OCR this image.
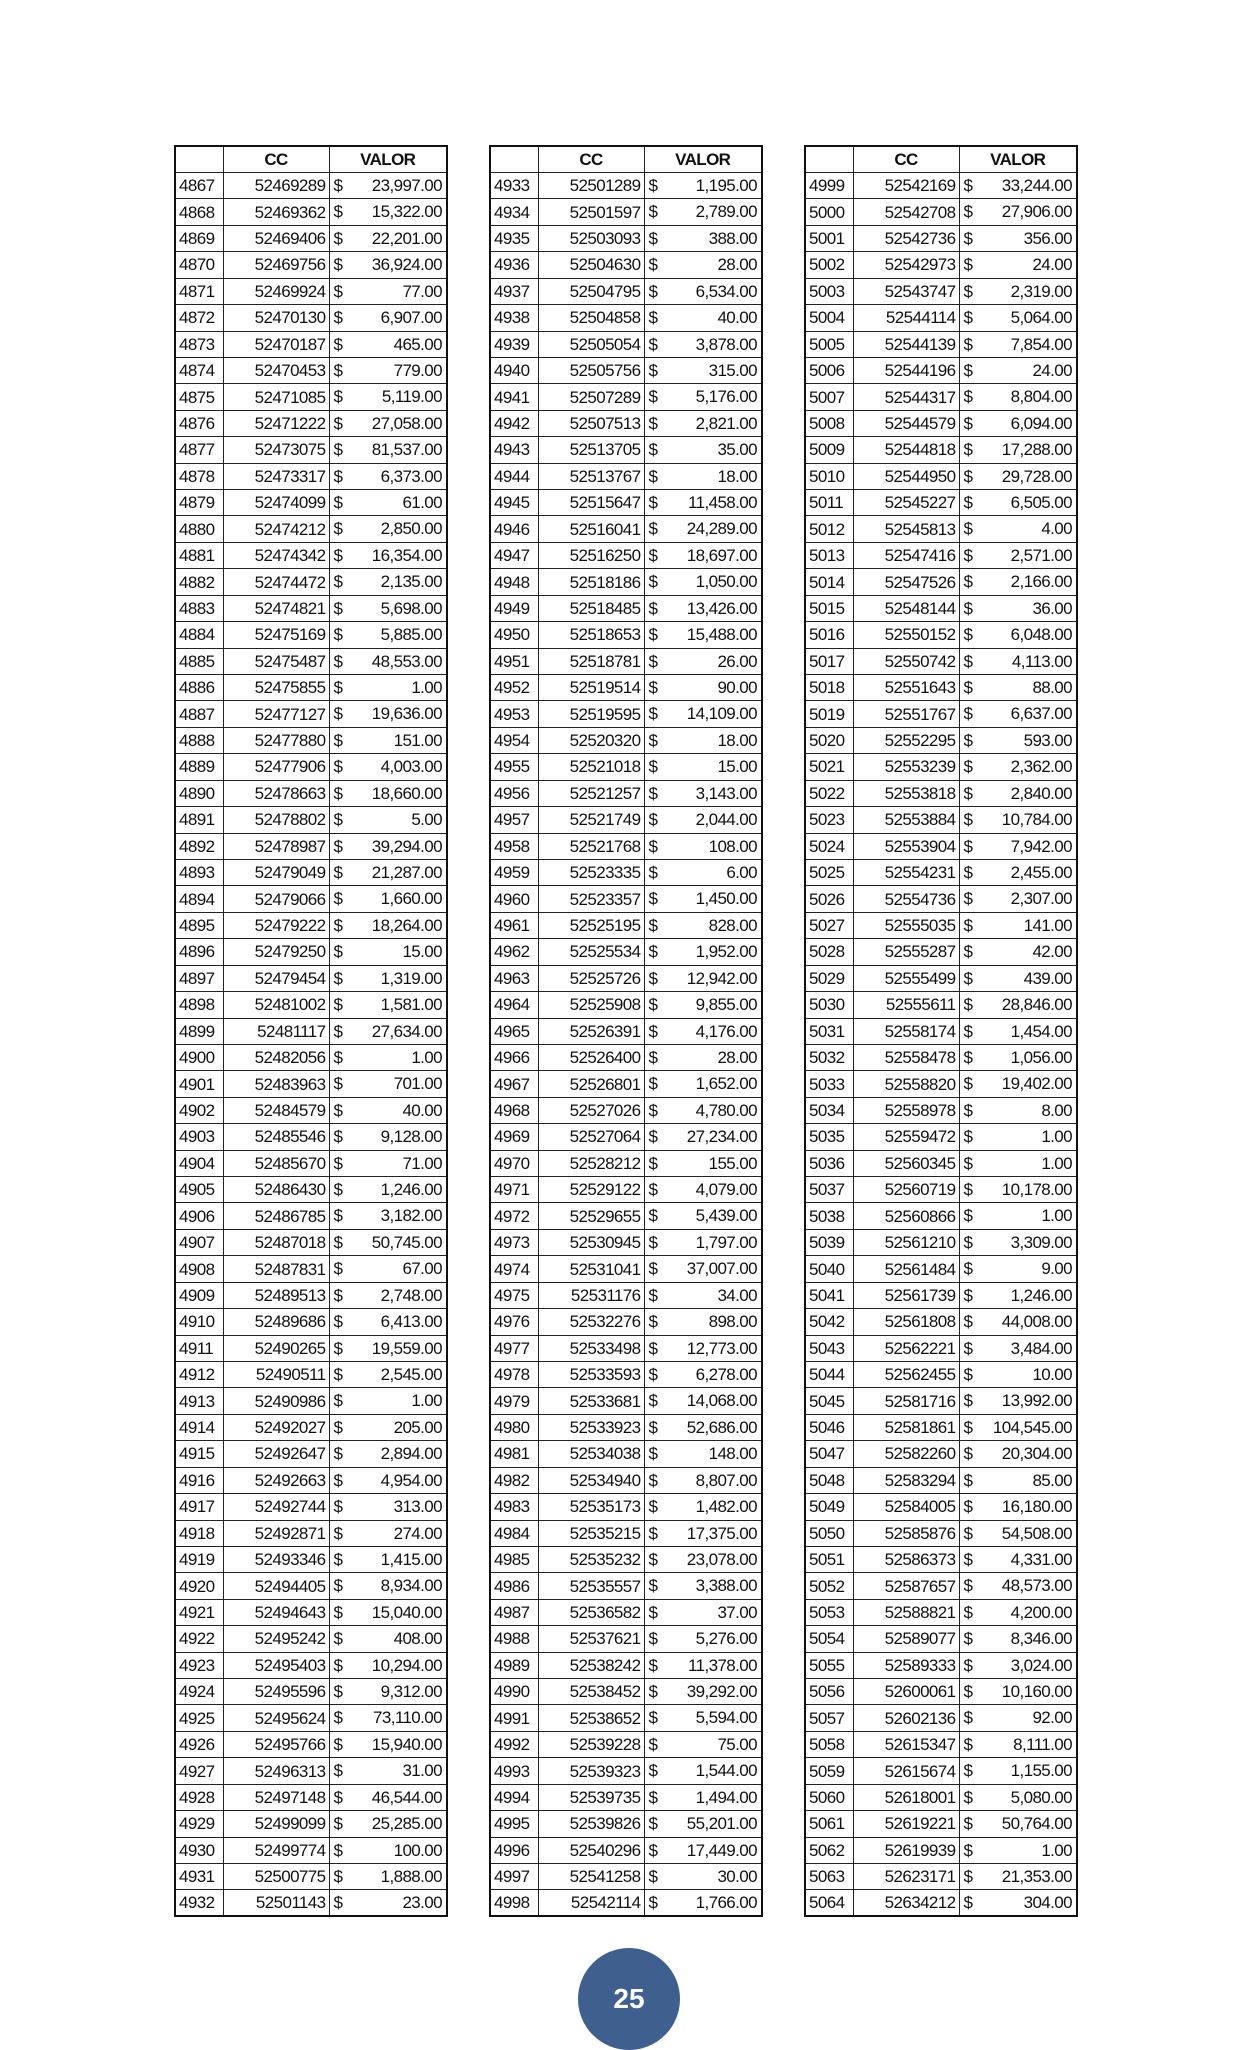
	CC	VALOR	
4867	52469289	$ 23,997.00	

4868	52469362	$ 15,322.00	

4869	52469406	$ 22,201.00	

4870	52469756	$ 36,924.00	

4871	52469924	$ 77.00	

4872	52470130	$ 6,907.00	

4873	52470187	$ 465.00	

4874	52470453	$ 779.00	

4875	52471085	$ 5,119.00	

4876	52471222	$ 27,058.00	

4877	52473075	$ 81,537.00	

4878	52473317	$ 6,373.00	

4879	52474099	$ 61.00	

4880	52474212	$ 2,850.00	

4881	52474342	$ 16,354.00	

4882	52474472	$ 2,135.00	

4883	52474821	$ 5,698.00	

4884	52475169	$ 5,885.00	

4885	52475487	$ 48,553.00	

4886	52475855	$ 1.00	

4887	52477127	$ 19,636.00	

4888	52477880	$ 151.00	

4889	52477906	$ 4,003.00	

4890	52478663	$ 18,660.00	

4891	52478802	$ 5.00	

4892	52478987	$ 39,294.00	

4893	52479049	$ 21,287.00	

4894	52479066	$ 1,660.00	

4895	52479222	$ 18,264.00	

4896	52479250	$ 15.00	

4897	52479454	$ 1,319.00	

4898	52481002	$ 1,581.00	

4899	52481117	$ 27,634.00	

4900	52482056	$ 1.00	

4901	52483963	$ 701.00	

4902	52484579	$ 40.00	

4903	52485546	$ 9,128.00	

4904	52485670	$ 71.00	

4905	52486430	$ 1,246.00	

4906	52486785	$ 3,182.00	

4907	52487018	$ 50,745.00	

4908	52487831	$ 67.00	

4909	52489513	$ 2,748.00	

4910	52489686	$ 6,413.00	

4911	52490265	$ 19,559.00	

4912	52490511	$ 2,545.00	

4913	52490986	$ 1.00	

4914	52492027	$ 205.00	

4915	52492647	$ 2,894.00	

4916	52492663	$ 4,954.00	

4917	52492744	$ 313.00	

4918	52492871	$ 274.00	

4919	52493346	$ 1,415.00	

4920	52494405	$ 8,934.00	

4921	52494643	$ 15,040.00	

4922	52495242	$ 408.00	

4923	52495403	$ 10,294.00	

4924	52495596	$ 9,312.00	

4925	52495624	$ 73,110.00	

4926	52495766	$ 15,940.00	

4927	52496313	$ 31.00	

4928	52497148	$ 46,544.00	

4929	52499099	$ 25,285.00	

4930	52499774	$ 100.00	

4931	52500775	$ 1,888.00	

4932	52501143	$ 23.00	

	CC	VALOR	
4933	52501289	$ 1,195.00	

4934	52501597	$ 2,789.00	

4935	52503093	$ 388.00	

4936	52504630	$ 28.00	

4937	52504795	$ 6,534.00	

4938	52504858	$ 40.00	

4939	52505054	$ 3,878.00	

4940	52505756	$ 315.00	

4941	52507289	$ 5,176.00	

4942	52507513	$ 2,821.00	

4943	52513705	$ 35.00	

4944	52513767	$ 18.00	

4945	52515647	$ 11,458.00	

4946	52516041	$ 24,289.00	

4947	52516250	$ 18,697.00	

4948	52518186	$ 1,050.00	

4949	52518485	$ 13,426.00	

4950	52518653	$ 15,488.00	

4951	52518781	$ 26.00	

4952	52519514	$ 90.00	

4953	52519595	$ 14,109.00	

4954	52520320	$ 18.00	

4955	52521018	$ 15.00	

4956	52521257	$ 3,143.00	

4957	52521749	$ 2,044.00	

4958	52521768	$ 108.00	

4959	52523335	$ 6.00	

4960	52523357	$ 1,450.00	

4961	52525195	$ 828.00	

4962	52525534	$ 1,952.00	

4963	52525726	$ 12,942.00	

4964	52525908	$ 9,855.00	

4965	52526391	$ 4,176.00	

4966	52526400	$ 28.00	

4967	52526801	$ 1,652.00	

4968	52527026	$ 4,780.00	

4969	52527064	$ 27,234.00	

4970	52528212	$ 155.00	

4971	52529122	$ 4,079.00	

4972	52529655	$ 5,439.00	

4973	52530945	$ 1,797.00	

4974	52531041	$ 37,007.00	

4975	52531176	$ 34.00	

4976	52532276	$ 898.00	

4977	52533498	$ 12,773.00	

4978	52533593	$ 6,278.00	

4979	52533681	$ 14,068.00	

4980	52533923	$ 52,686.00	

4981	52534038	$ 148.00	

4982	52534940	$ 8,807.00	

4983	52535173	$ 1,482.00	

4984	52535215	$ 17,375.00	

4985	52535232	$ 23,078.00	

4986	52535557	$ 3,388.00	

4987	52536582	$ 37.00	

4988	52537621	$ 5,276.00	

4989	52538242	$ 11,378.00	

4990	52538452	$ 39,292.00	

4991	52538652	$ 5,594.00	

4992	52539228	$ 75.00	

4993	52539323	$ 1,544.00	

4994	52539735	$ 1,494.00	

4995	52539826	$ 55,201.00	

4996	52540296	$ 17,449.00	

4997	52541258	$ 30.00	

4998	52542114	$ 1,766.00	

	CC	VALOR	
4999	52542169	$ 33,244.00	

5000	52542708	$ 27,906.00	

5001	52542736	$ 356.00	

5002	52542973	$ 24.00	

5003	52543747	$ 2,319.00	

5004	52544114	$ 5,064.00	

5005	52544139	$ 7,854.00	

5006	52544196	$ 24.00	

5007	52544317	$ 8,804.00	

5008	52544579	$ 6,094.00	

5009	52544818	$ 17,288.00	

5010	52544950	$ 29,728.00	

5011	52545227	$ 6,505.00	

5012	52545813	$ 4.00	

5013	52547416	$ 2,571.00	

5014	52547526	$ 2,166.00	

5015	52548144	$ 36.00	

5016	52550152	$ 6,048.00	

5017	52550742	$ 4,113.00	

5018	52551643	$ 88.00	

5019	52551767	$ 6,637.00	

5020	52552295	$ 593.00	

5021	52553239	$ 2,362.00	

5022	52553818	$ 2,840.00	

5023	52553884	$ 10,784.00	

5024	52553904	$ 7,942.00	

5025	52554231	$ 2,455.00	

5026	52554736	$ 2,307.00	

5027	52555035	$ 141.00	

5028	52555287	$ 42.00	

5029	52555499	$ 439.00	

5030	52555611	$ 28,846.00	

5031	52558174	$ 1,454.00	

5032	52558478	$ 1,056.00	

5033	52558820	$ 19,402.00	

5034	52558978	$ 8.00	

5035	52559472	$ 1.00	

5036	52560345	$ 1.00	

5037	52560719	$ 10,178.00	

5038	52560866	$ 1.00	

5039	52561210	$ 3,309.00	

5040	52561484	$ 9.00	

5041	52561739	$ 1,246.00	

5042	52561808	$ 44,008.00	

5043	52562221	$ 3,484.00	

5044	52562455	$ 10.00	

5045	52581716	$ 13,992.00	

5046	52581861	$ 104,545.00	

5047	52582260	$ 20,304.00	

5048	52583294	$ 85.00	

5049	52584005	$ 16,180.00	

5050	52585876	$ 54,508.00	

5051	52586373	$ 4,331.00	

5052	52587657	$ 48,573.00	

5053	52588821	$ 4,200.00	

5054	52589077	$ 8,346.00	

5055	52589333	$ 3,024.00	

5056	52600061	$ 10,160.00	

5057	52602136	$ 92.00	

5058	52615347	$ 8,111.00	

5059	52615674	$ 1,155.00	

5060	52618001	$ 5,080.00	

5061	52619221	$ 50,764.00	

5062	52619939	$ 1.00	

5063	52623171	$ 21,353.00	

5064	52634212	$ 304.00	

25
